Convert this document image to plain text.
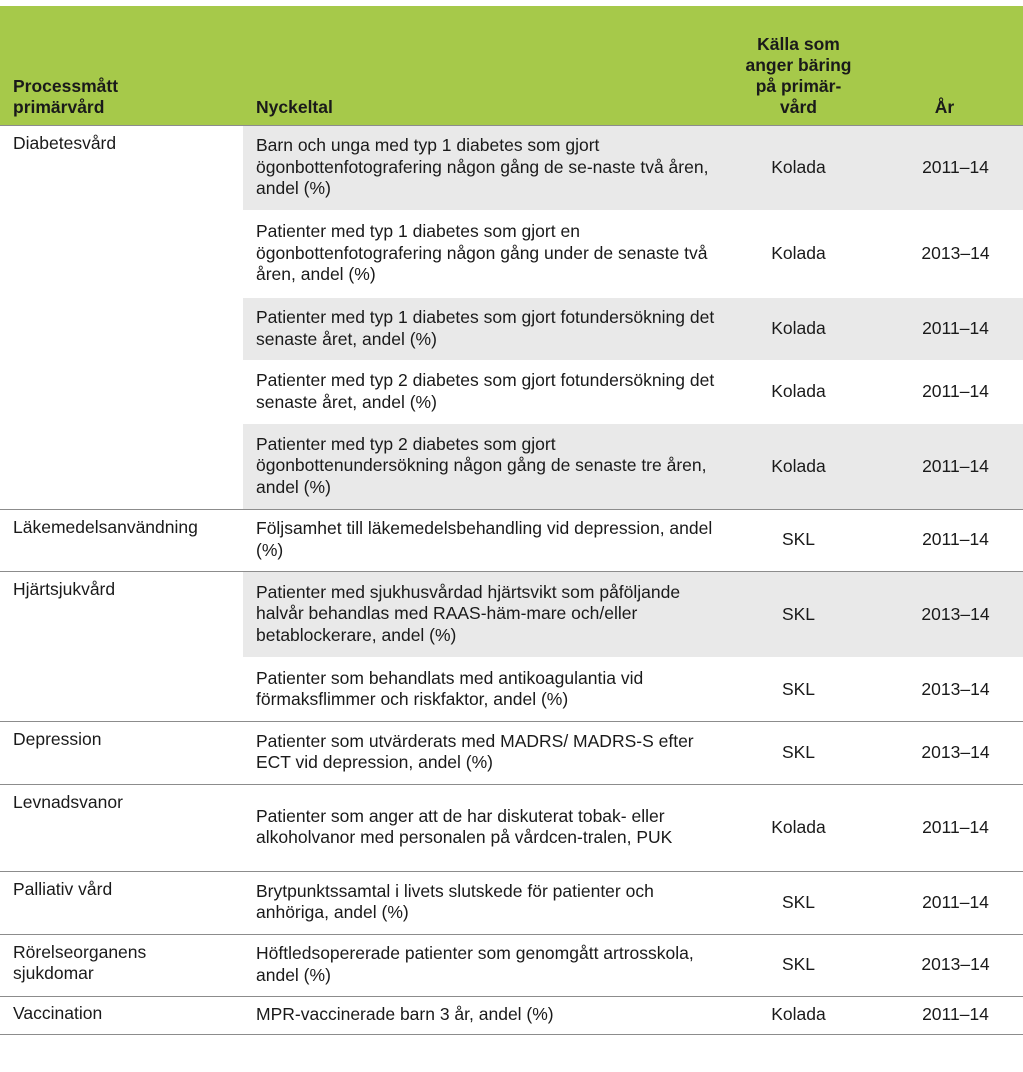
Processmått primärvård	Nyckeltal	Källa som anger bäring på primär-vård	År
Diabetesvård	Barn och unga med typ 1 diabetes som gjort ögonbottenfotografering någon gång de se-naste två åren, andel (%)	Kolada	2011–14
	Patienter med typ 1 diabetes som gjort en ögonbottenfotografering någon gång under de senaste två åren, andel (%)	Kolada	2013–14
	Patienter med typ 1 diabetes som gjort fotundersökning det senaste året, andel (%)	Kolada	2011–14
	Patienter med typ 2 diabetes som gjort fotundersökning det senaste året, andel (%)	Kolada	2011–14
	Patienter med typ 2 diabetes som gjort ögonbottenundersökning någon gång de senaste tre åren, andel (%)	Kolada	2011–14
Läkemedelsanvändning	Följsamhet till läkemedelsbehandling vid depression, andel (%)	SKL	2011–14
Hjärtsjukvård	Patienter med sjukhusvårdad hjärtsvikt som påföljande halvår behandlas med RAAS-häm-mare och/eller betablockerare, andel (%)	SKL	2013–14
	Patienter som behandlats med antikoagulantia vid förmaksflimmer och riskfaktor, andel (%)	SKL	2013–14
Depression	Patienter som utvärderats med MADRS/ MADRS-S efter ECT vid depression, andel (%)	SKL	2013–14
Levnadsvanor	Patienter som anger att de har diskuterat tobak- eller alkoholvanor med personalen på vårdcen-tralen, PUK	Kolada	2011–14
Palliativ vård	Brytpunktssamtal i livets slutskede för patienter och anhöriga, andel (%)	SKL	2011–14

Rörelseorganens sjukdomar	Höftledsopererade patienter som genomgått artrosskola, andel (%)	SKL	2013–14
Vaccination	MPR-vaccinerade barn 3 år, andel (%)	Kolada	2011–14
